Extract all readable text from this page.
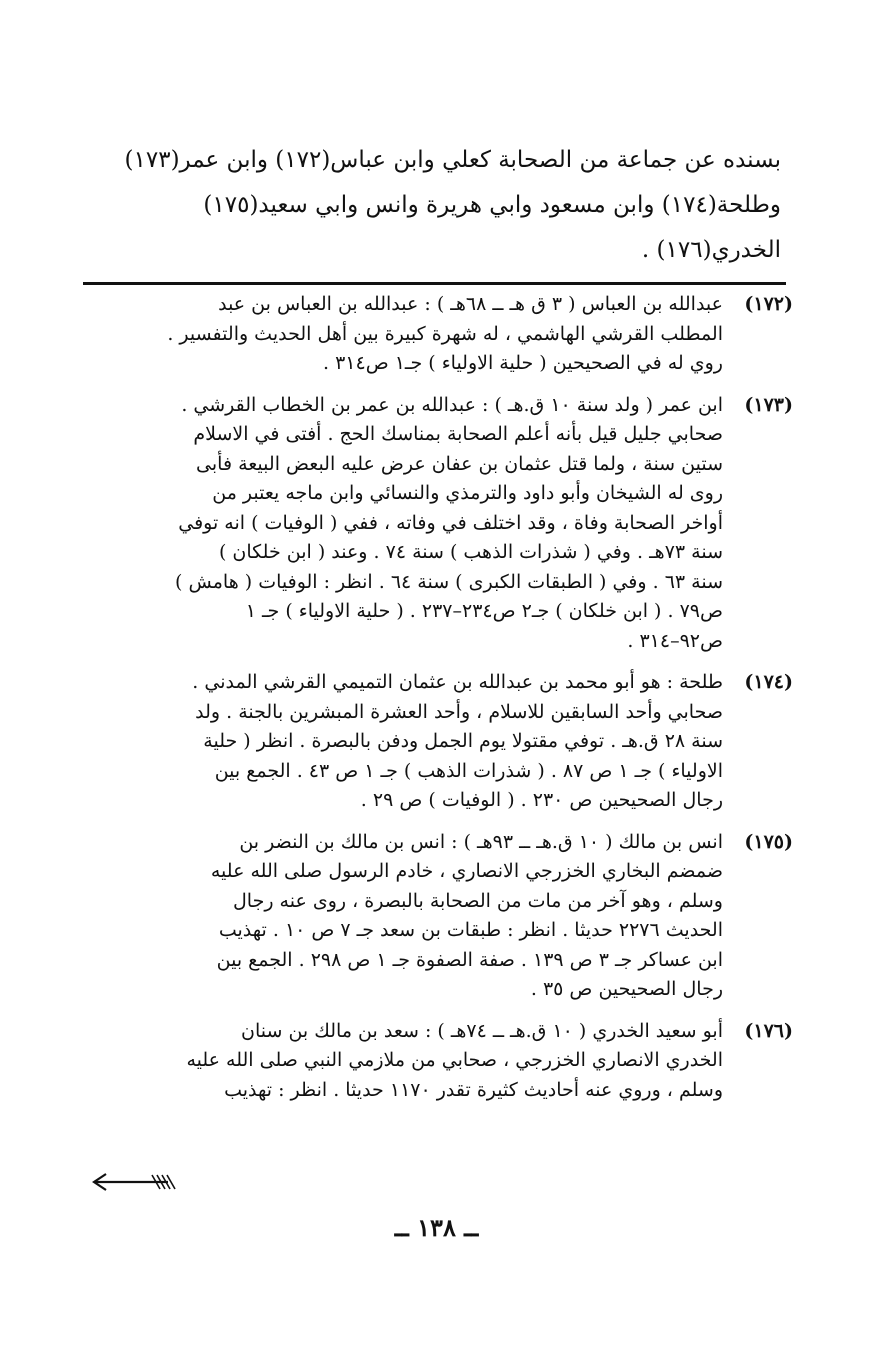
بسنده عن جماعة من الصحابة كعلي وابن عباس(١٧٢) وابن عمر(١٧٣)

وطلحة(١٧٤) وابن مسعود وابي هريرة وانس وابي سعيد(١٧٥)

الخدري(١٧٦) .

(١٧٢)
عبدالله بن العباس ( ٣ ق هـ ــ ٦٨هـ ) : عبدالله بن العباس بن عبد
المطلب القرشي الهاشمي ، له شهرة كبيرة بين أهل الحديث والتفسير .
روي له في الصحيحين ( حلية الاولياء ) جـ١ ص٣١٤ .
(١٧٣)
ابن عمر ( ولد سنة ١٠ ق.هـ ) : عبدالله بن عمر بن الخطاب القرشي .
صحابي جليل قيل بأنه أعلم الصحابة بمناسك الحج . أفتى في الاسلام
ستين سنة ، ولما قتل عثمان بن عفان عرض عليه البعض البيعة فأبى
روى له الشيخان وأبو داود والترمذي والنسائي وابن ماجه يعتبر من
أواخر الصحابة وفاة ، وقد اختلف في وفاته ، ففي ( الوفيات ) انه توفي
سنة ٧٣هـ . وفي ( شذرات الذهب ) سنة ٧٤ . وعند ( ابن خلكان )
سنة ٦٣ . وفي ( الطبقات الكبرى ) سنة ٦٤ . انظر : الوفيات ( هامش )
ص٧٩ . ( ابن خلكان ) جـ٢ ص٢٣٤–٢٣٧ . ( حلية الاولياء ) جـ ١
ص٩٢–٣١٤ .
(١٧٤)
طلحة : هو أبو محمد بن عبدالله بن عثمان التميمي القرشي المدني .
صحابي وأحد السابقين للاسلام ، وأحد العشرة المبشرين بالجنة . ولد
سنة ٢٨ ق.هـ . توفي مقتولا يوم الجمل ودفن بالبصرة . انظر ( حلية
الاولياء ) جـ ١ ص ٨٧ . ( شذرات الذهب ) جـ ١ ص ٤٣ . الجمع بين
رجال الصحيحين ص ٢٣٠ . ( الوفيات ) ص ٢٩ .
(١٧٥)
انس بن مالك ( ١٠ ق.هـ ــ ٩٣هـ ) : انس بن مالك بن النضر بن
ضمضم البخاري الخزرجي الانصاري ، خادم الرسول صلى الله عليه
وسلم ، وهو آخر من مات من الصحابة بالبصرة ، روى عنه رجال
الحديث ٢٢٧٦ حديثا . انظر : طبقات بن سعد جـ ٧ ص ١٠ . تهذيب
ابن عساكر جـ ٣ ص ١٣٩ . صفة الصفوة جـ ١ ص ٢٩٨ . الجمع بين
رجال الصحيحين ص ٣٥ .
(١٧٦)
أبو سعيد الخدري ( ١٠ ق.هـ ــ ٧٤هـ ) : سعد بن مالك بن سنان
الخدري الانصاري الخزرجي ، صحابي من ملازمي النبي صلى الله عليه
وسلم ، وروي عنه أحاديث كثيرة تقدر ١١٧٠ حديثا . انظر : تهذيب
ــ ١٣٨ ــ
